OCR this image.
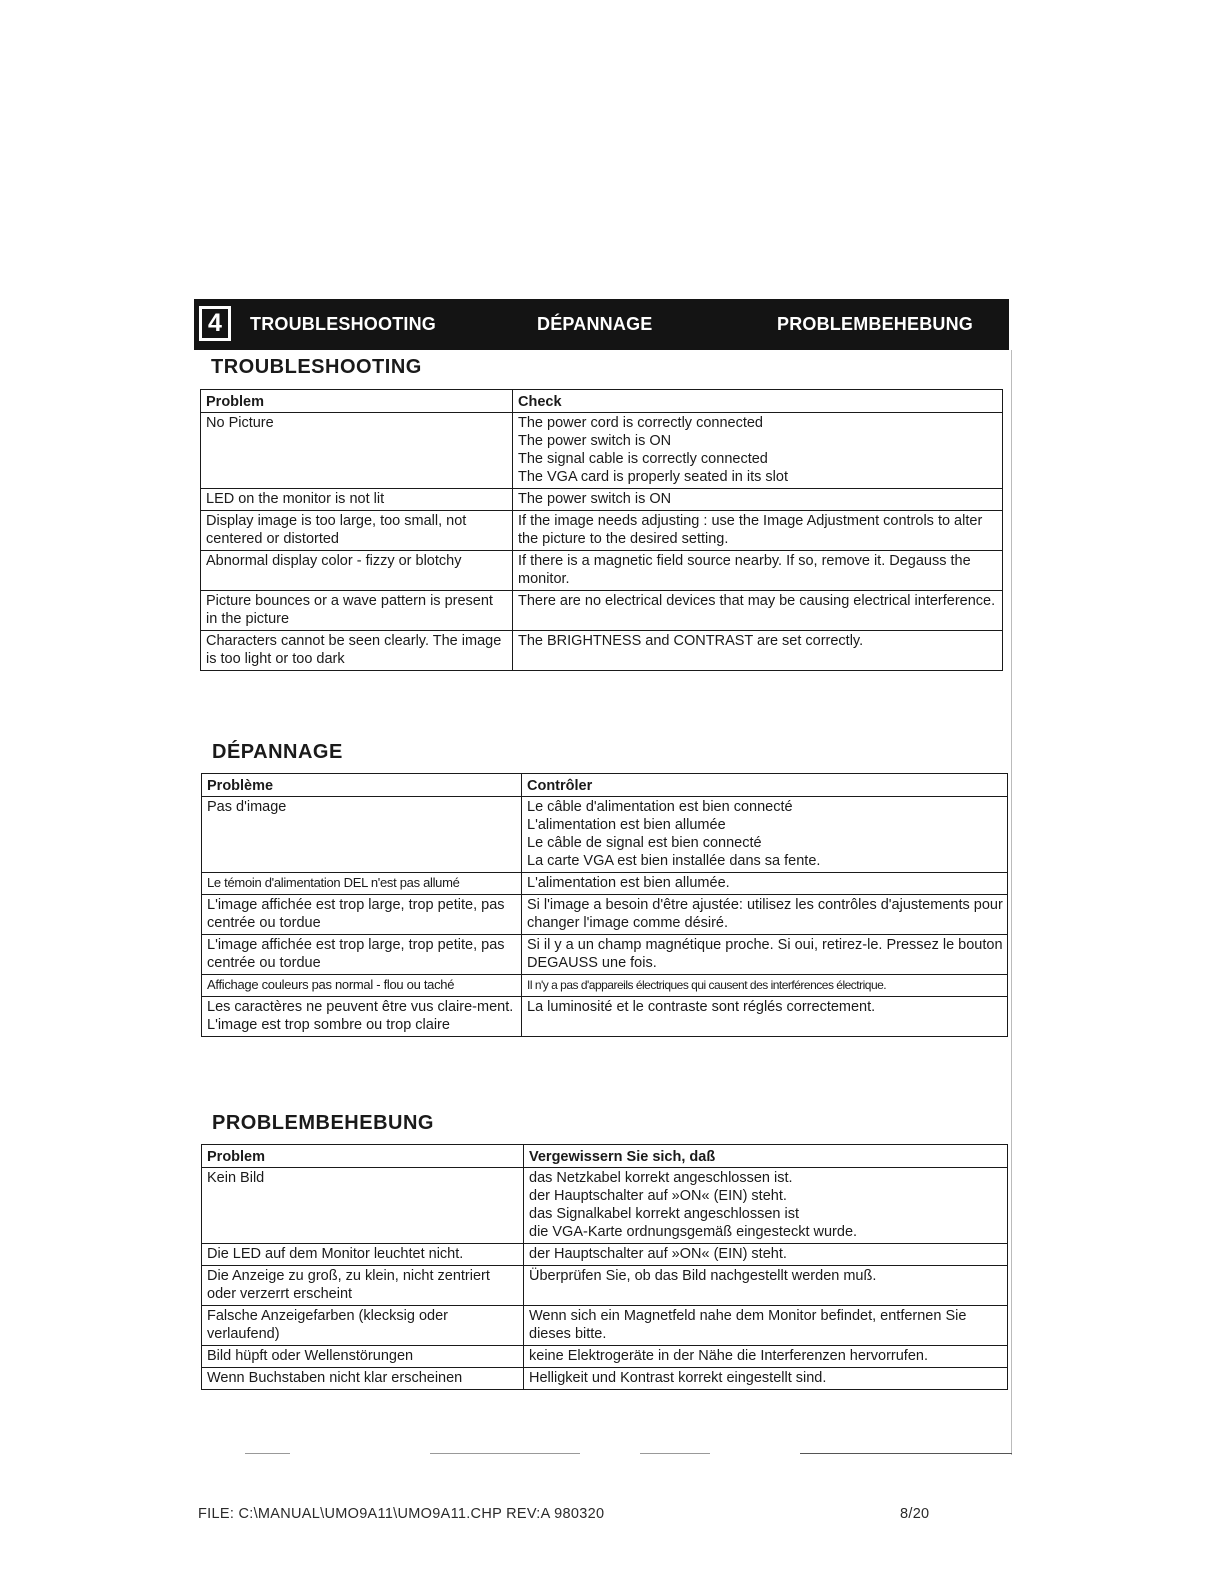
4	TROUBLESHOOTING	DÉPANNAGE	PROBLEMBEHEBUNG
TROUBLESHOOTING
Problem	Check
No Picture	The power cord is correctly connected
The power switch is ON
The signal cable is correctly connected
The VGA card is properly seated in its slot
LED on the monitor is not lit	The power switch is ON
Display image is too large, too small, not centered or distorted	If the image needs adjusting : use the Image Adjustment controls to alter the picture to the desired setting.
Abnormal display color - fizzy or blotchy	If there is a magnetic field source nearby. If so, remove it. Degauss the monitor.
Picture bounces or a wave pattern is present in the picture	There are no electrical devices that may be causing electrical interference.
Characters cannot be seen clearly. The image is too light or too dark	The BRIGHTNESS and CONTRAST are set correctly.
DÉPANNAGE
Problème	Contrôler
Pas d'image	Le câble d'alimentation est bien connecté
L'alimentation est bien allumée
Le câble de signal est bien connecté
La carte VGA est bien installée dans sa fente.
Le témoin d'alimentation DEL n'est pas allumé	L'alimentation est bien allumée.
L'image affichée est trop large, trop petite, pas centrée ou tordue	Si l'image a besoin d'être ajustée: utilisez les contrôles d'ajustements pour changer l'image comme désiré.
L'image affichée est trop large, trop petite, pas centrée ou tordue	Si il y a un champ magnétique proche. Si oui, retirez-le. Pressez le bouton DEGAUSS une fois.
Affichage couleurs pas normal - flou ou taché	Il n'y a pas d'appareils électriques qui causent des interférences électrique.
Les caractères ne peuvent être vus claire-ment. L'image est trop sombre ou trop claire	La luminosité et le contraste sont réglés correctement.
PROBLEMBEHEBUNG
Problem	Vergewissern Sie sich, daß
Kein Bild	das Netzkabel korrekt angeschlossen ist.
der Hauptschalter auf »ON« (EIN) steht.
das Signalkabel korrekt angeschlossen ist
die VGA-Karte ordnungsgemäß eingesteckt wurde.
Die LED auf dem Monitor leuchtet nicht.	der Hauptschalter auf »ON« (EIN) steht.
Die Anzeige zu groß, zu klein, nicht zentriert oder verzerrt erscheint	Überprüfen Sie, ob das Bild nachgestellt werden muß.
Falsche Anzeigefarben (klecksig oder verlaufend)	Wenn sich ein Magnetfeld nahe dem Monitor befindet, entfernen Sie dieses bitte.
Bild hüpft oder Wellenstörungen	keine Elektrogeräte in der Nähe die Interferenzen hervorrufen.
Wenn Buchstaben nicht klar erscheinen	Helligkeit und Kontrast korrekt eingestellt sind.
FILE: C:\MANUAL\UMO9A11\UMO9A11.CHP REV:A 980320	8/20
